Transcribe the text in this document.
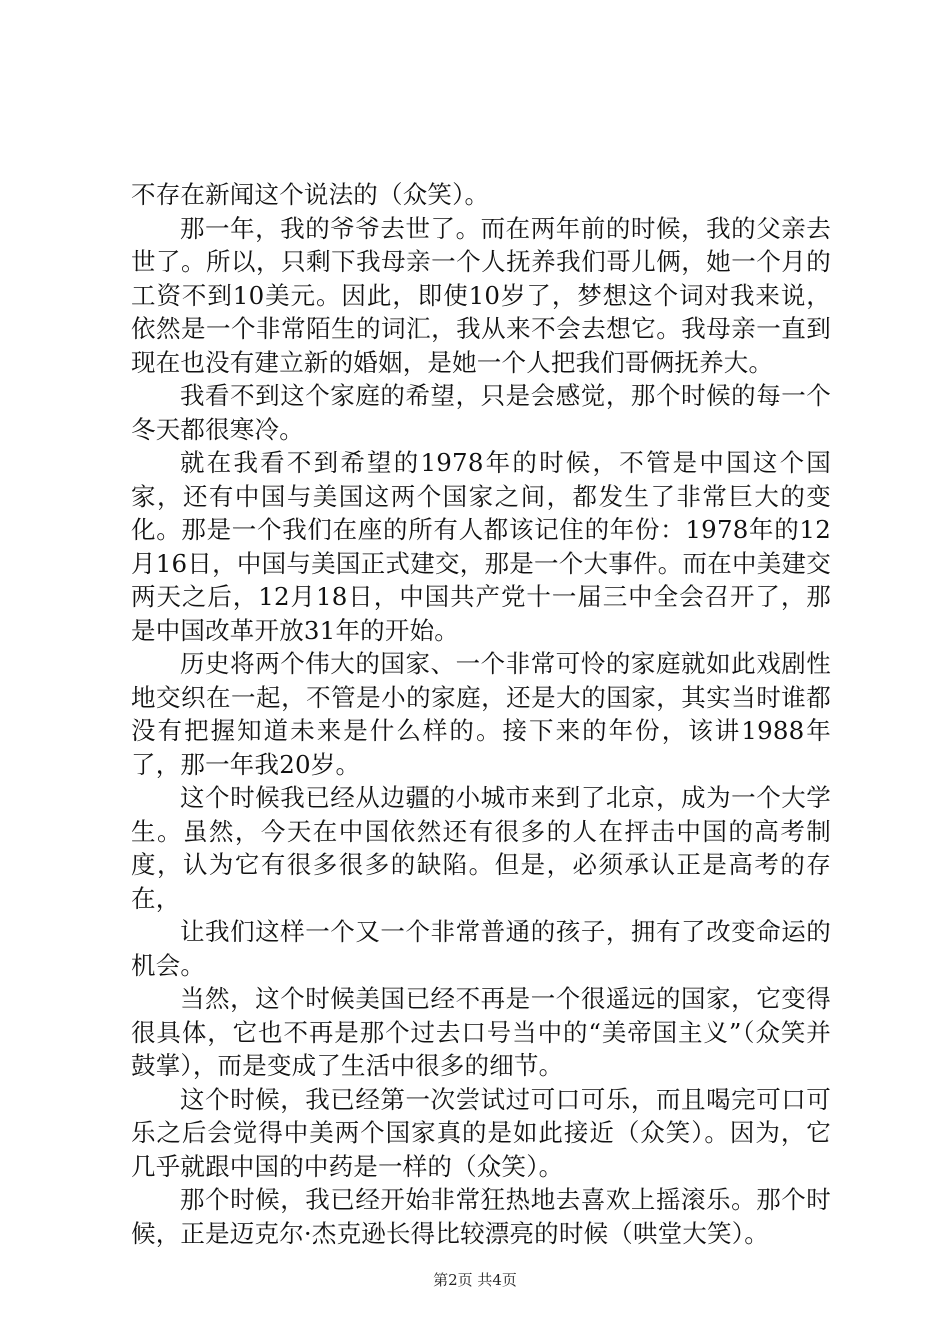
不存在新闻这个说法的（众笑）。

那一年，我的爷爷去世了。而在两年前的时候，我的父亲去世了。所以，只剩下我母亲一个人抚养我们哥儿俩，她一个月的工资不到10美元。因此，即使10岁了，梦想这个词对我来说，依然是一个非常陌生的词汇，我从来不会去想它。我母亲一直到现在也没有建立新的婚姻，是她一个人把我们哥俩抚养大。

我看不到这个家庭的希望，只是会感觉，那个时候的每一个冬天都很寒冷。

就在我看不到希望的1978年的时候，不管是中国这个国家，还有中国与美国这两个国家之间，都发生了非常巨大的变化。那是一个我们在座的所有人都该记住的年份：1978年的12月16日，中国与美国正式建交，那是一个大事件。而在中美建交两天之后，12月18日，中国共产党十一届三中全会召开了，那是中国改革开放31年的开始。

历史将两个伟大的国家、一个非常可怜的家庭就如此戏剧性地交织在一起，不管是小的家庭，还是大的国家，其实当时谁都没有把握知道未来是什么样的。接下来的年份，该讲1988年了，那一年我20岁。

这个时候我已经从边疆的小城市来到了北京，成为一个大学生。虽然，今天在中国依然还有很多的人在抨击中国的高考制度，认为它有很多很多的缺陷。但是，必须承认正是高考的存在，

让我们这样一个又一个非常普通的孩子，拥有了改变命运的机会。

当然，这个时候美国已经不再是一个很遥远的国家，它变得很具体，它也不再是那个过去口号当中的“美帝国主义”（众笑并鼓掌），而是变成了生活中很多的细节。

这个时候，我已经第一次尝试过可口可乐，而且喝完可口可乐之后会觉得中美两个国家真的是如此接近（众笑）。因为，它几乎就跟中国的中药是一样的（众笑）。

那个时候，我已经开始非常狂热地去喜欢上摇滚乐。那个时候，正是迈克尔·杰克逊长得比较漂亮的时候（哄堂大笑）。

第2页 共4页
